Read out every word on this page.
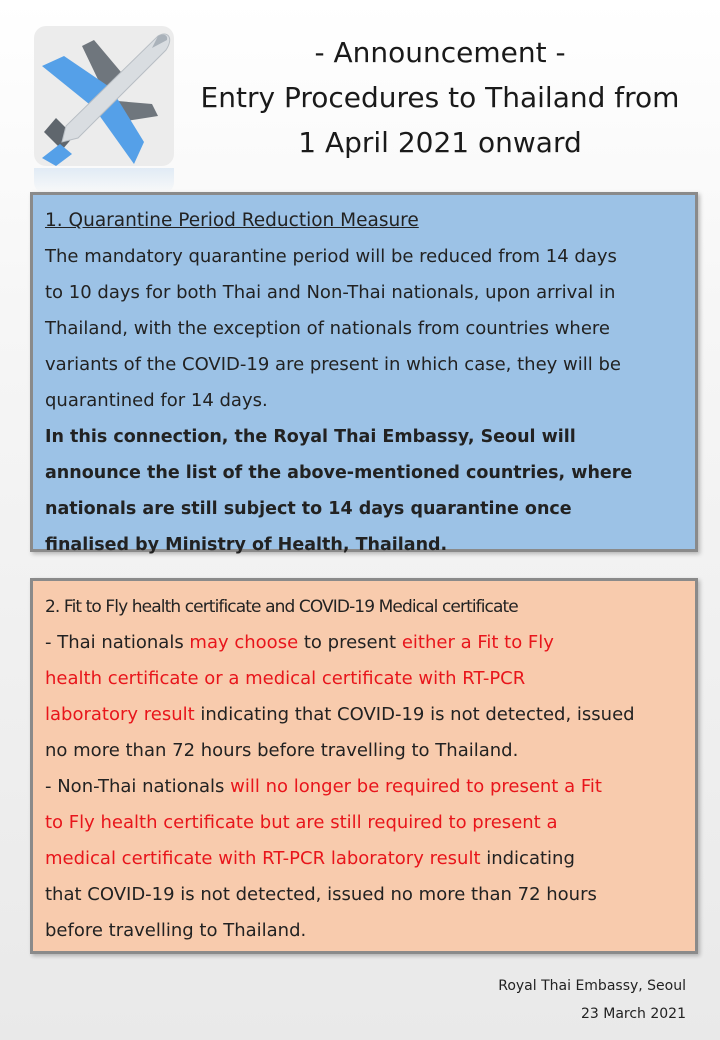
- Announcement -
Entry Procedures to Thailand from
1 April 2021 onward
1. Quarantine Period Reduction Measure
The mandatory quarantine period will be reduced from 14 days
to 10 days for both Thai and Non-Thai nationals, upon arrival in
Thailand, with the exception of nationals from countries where
variants of the COVID-19 are present in which case, they will be
quarantined for 14 days.
In this connection, the Royal Thai Embassy, Seoul will
announce the list of the above-mentioned countries, where
nationals are still subject to 14 days quarantine once
finalised by Ministry of Health, Thailand.
2. Fit to Fly health certificate and COVID-19 Medical certificate
- Thai nationals may choose to present either a Fit to Fly
health certificate or a medical certificate with RT-PCR
laboratory result indicating that COVID-19 is not detected, issued
no more than 72 hours before travelling to Thailand.
- Non-Thai nationals will no longer be required to present a Fit
to Fly health certificate but are still required to present a
medical certificate with RT-PCR laboratory result indicating
that COVID-19 is not detected, issued no more than 72 hours
before travelling to Thailand.
Royal Thai Embassy, Seoul
23 March 2021
